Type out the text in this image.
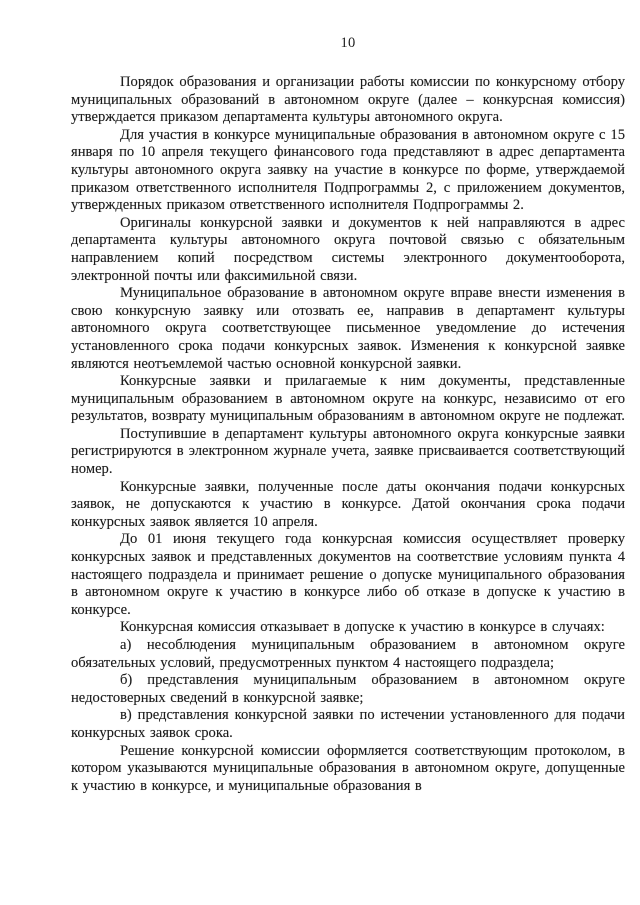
10

Порядок образования и организации работы комиссии по конкурсному отбору муниципальных образований в автономном округе (далее – конкурсная комиссия) утверждается приказом департамента культуры автономного округа.

Для участия в конкурсе муниципальные образования в автономном округе с 15 января по 10 апреля текущего финансового года представляют в адрес департамента культуры автономного округа заявку на участие в конкурсе по форме, утверждаемой приказом ответственного исполнителя Подпрограммы 2, с приложением документов, утвержденных приказом ответственного исполнителя Подпрограммы 2.

Оригиналы конкурсной заявки и документов к ней направляются в адрес департамента культуры автономного округа почтовой связью с обязательным направлением копий посредством системы электронного документооборота, электронной почты или факсимильной связи.

Муниципальное образование в автономном округе вправе внести изменения в свою конкурсную заявку или отозвать ее, направив в департамент культуры автономного округа соответствующее письменное уведомление до истечения установленного срока подачи конкурсных заявок. Изменения к конкурсной заявке являются неотъемлемой частью основной конкурсной заявки.

Конкурсные заявки и прилагаемые к ним документы, представленные муниципальным образованием в автономном округе на конкурс, независимо от его результатов, возврату муниципальным образованиям в автономном округе не подлежат.

Поступившие в департамент культуры автономного округа конкурсные заявки регистрируются в электронном журнале учета, заявке присваивается соответствующий номер.

Конкурсные заявки, полученные после даты окончания подачи конкурсных заявок, не допускаются к участию в конкурсе. Датой окончания срока подачи конкурсных заявок является 10 апреля.

До 01 июня текущего года конкурсная комиссия осуществляет проверку конкурсных заявок и представленных документов на соответствие условиям пункта 4 настоящего подраздела и принимает решение о допуске муниципального образования в автономном округе к участию в конкурсе либо об отказе в допуске к участию в конкурсе.

Конкурсная комиссия отказывает в допуске к участию в конкурсе в случаях:

а) несоблюдения муниципальным образованием в автономном округе обязательных условий, предусмотренных пунктом 4 настоящего подраздела;

б) представления муниципальным образованием в автономном округе недостоверных сведений в конкурсной заявке;

в) представления конкурсной заявки по истечении установленного для подачи конкурсных заявок срока.

Решение конкурсной комиссии оформляется соответствующим протоколом, в котором указываются муниципальные образования в автономном округе, допущенные к участию в конкурсе, и муниципальные образования в
